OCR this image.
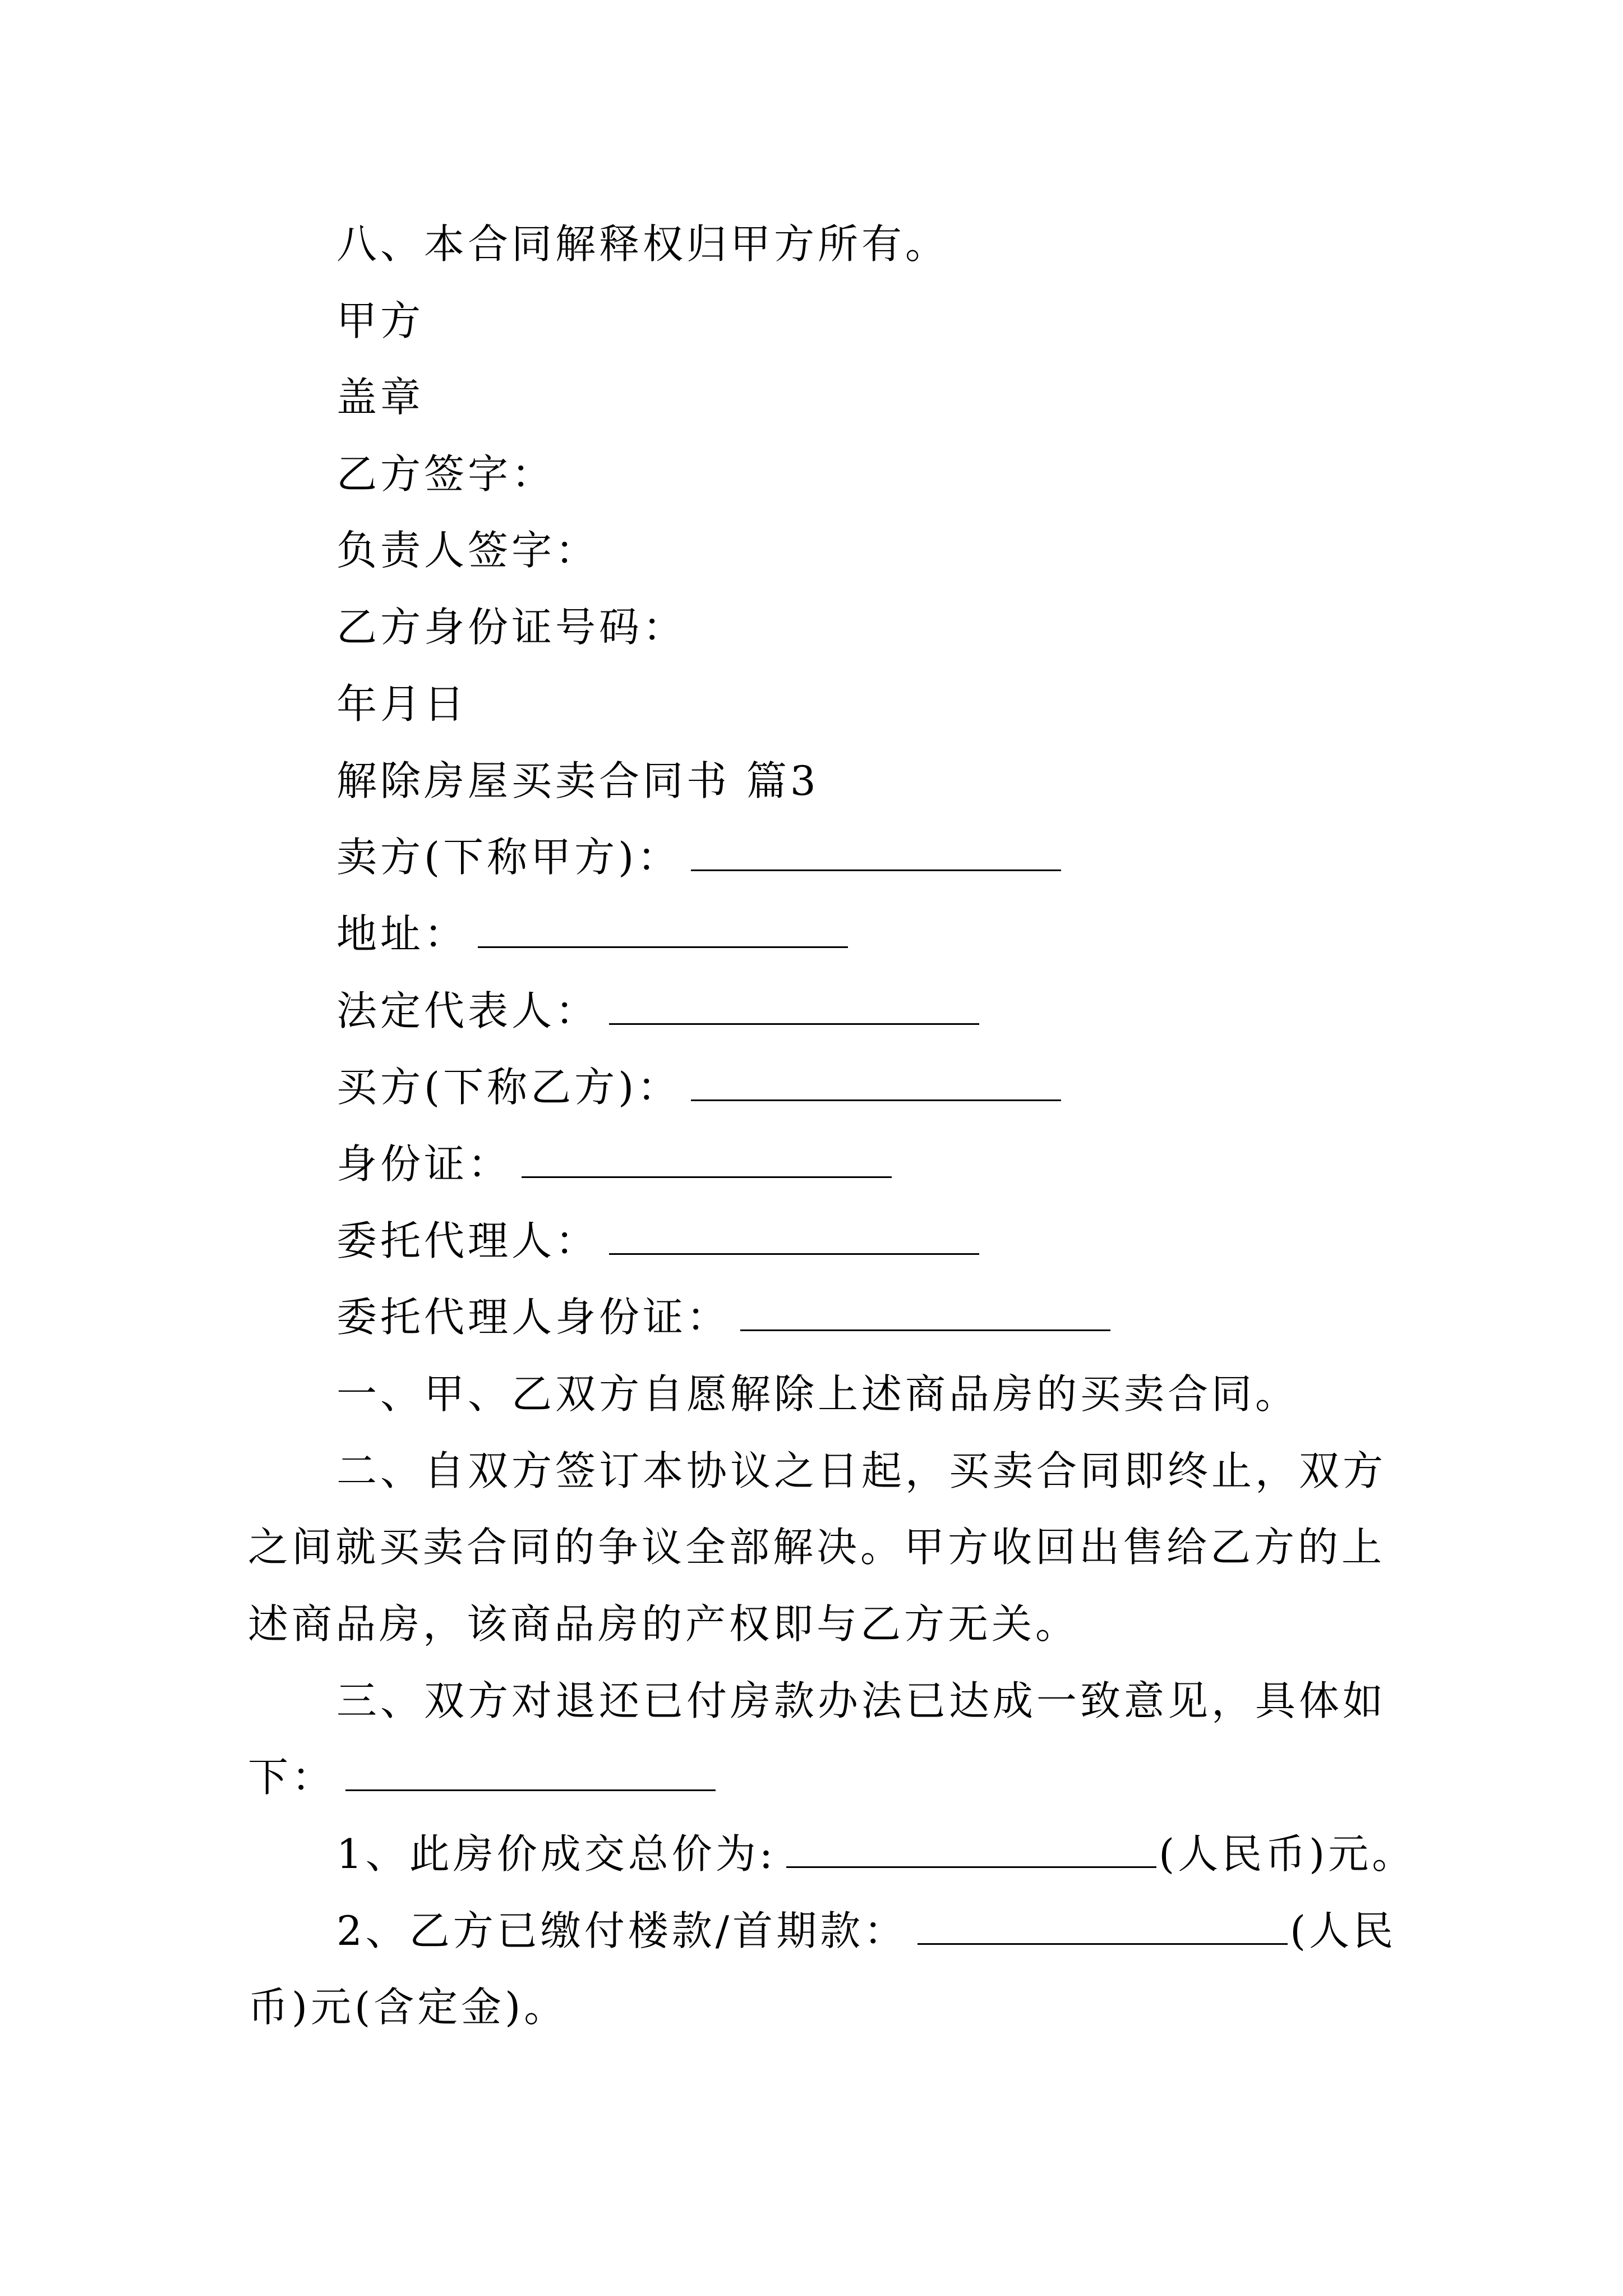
八、本合同解释权归甲方所有。
甲方
盖章
乙方签字：
负责人签字：
乙方身份证号码：
年月日
解除房屋买卖合同书 篇3
卖方(下称甲方)：
地址：
法定代表人：
买方(下称乙方)：
身份证：
委托代理人：
委托代理人身份证：
一、甲、乙双方自愿解除上述商品房的买卖合同。
二、自双方签订本协议之日起，买卖合同即终止，双方
之间就买卖合同的争议全部解决。甲方收回出售给乙方的上
述商品房，该商品房的产权即与乙方无关。
三、双方对退还已付房款办法已达成一致意见，具体如
下：
1、此房价成交总价为:	(人民币)元。
2、乙方已缴付楼款/首期款：	(人民
币)元(含定金)。
